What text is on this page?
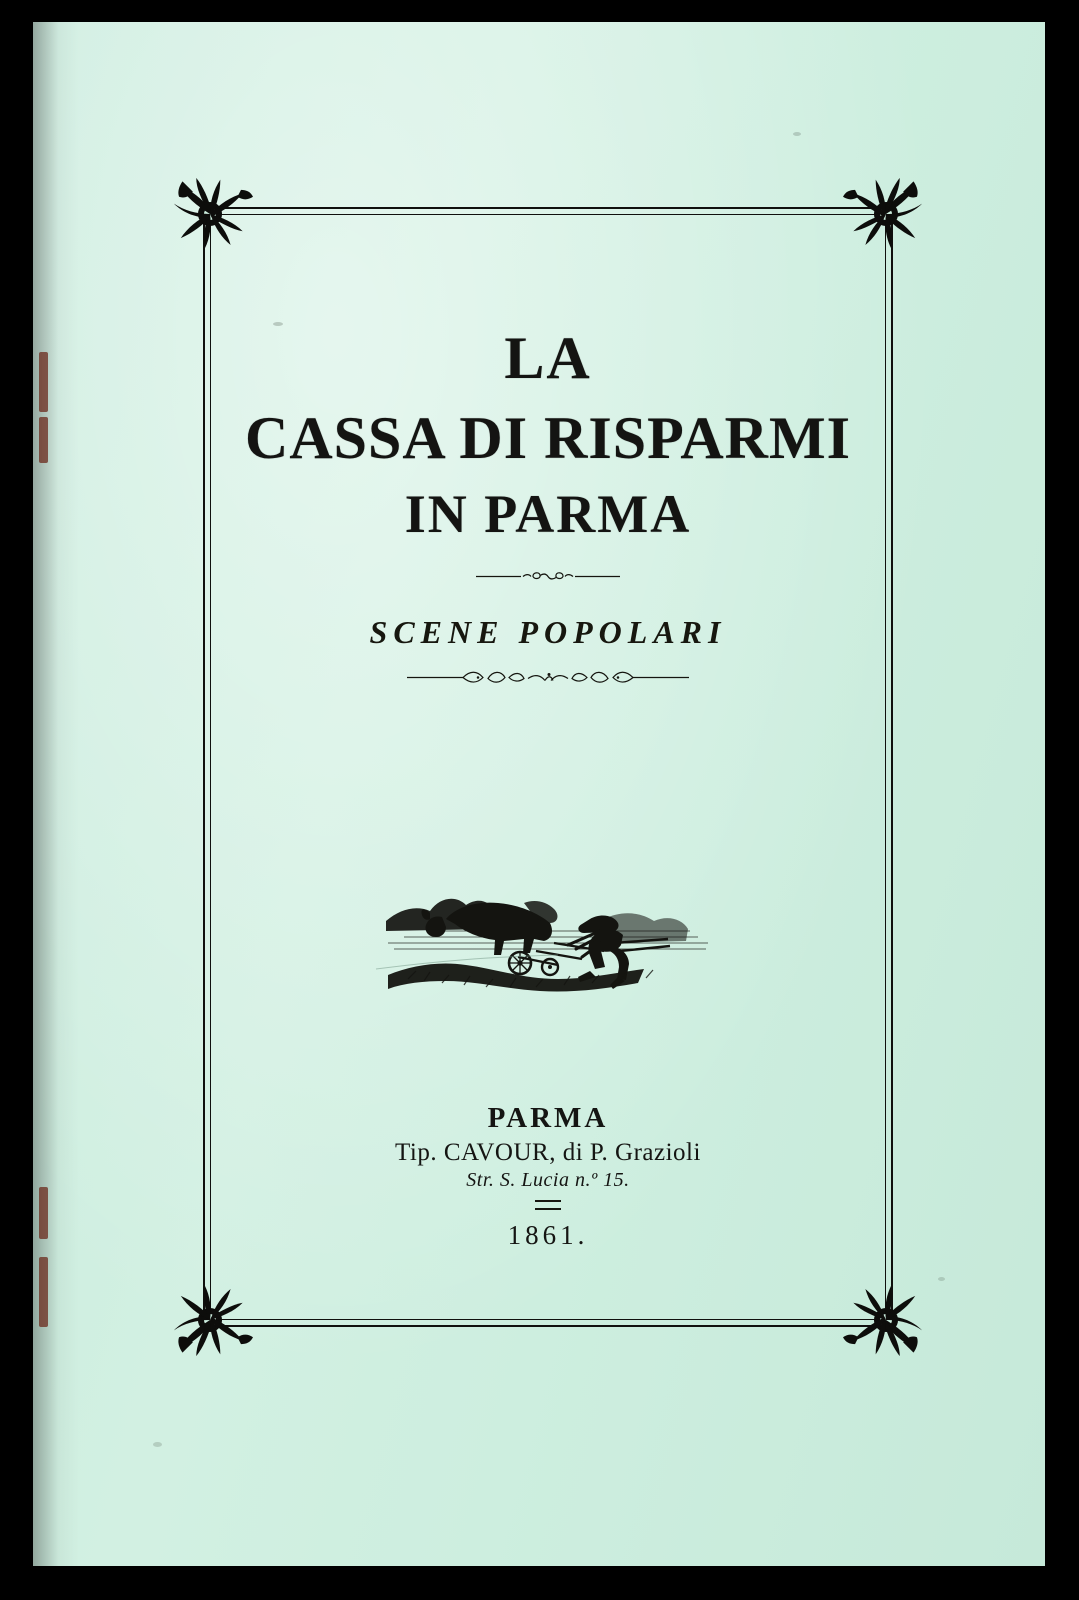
LA
CASSA DI RISPARMI
IN PARMA
SCENE POPOLARI
PARMA
Tip. CAVOUR, di P. Grazioli
Str. S. Lucia n.º 15.
1861.
